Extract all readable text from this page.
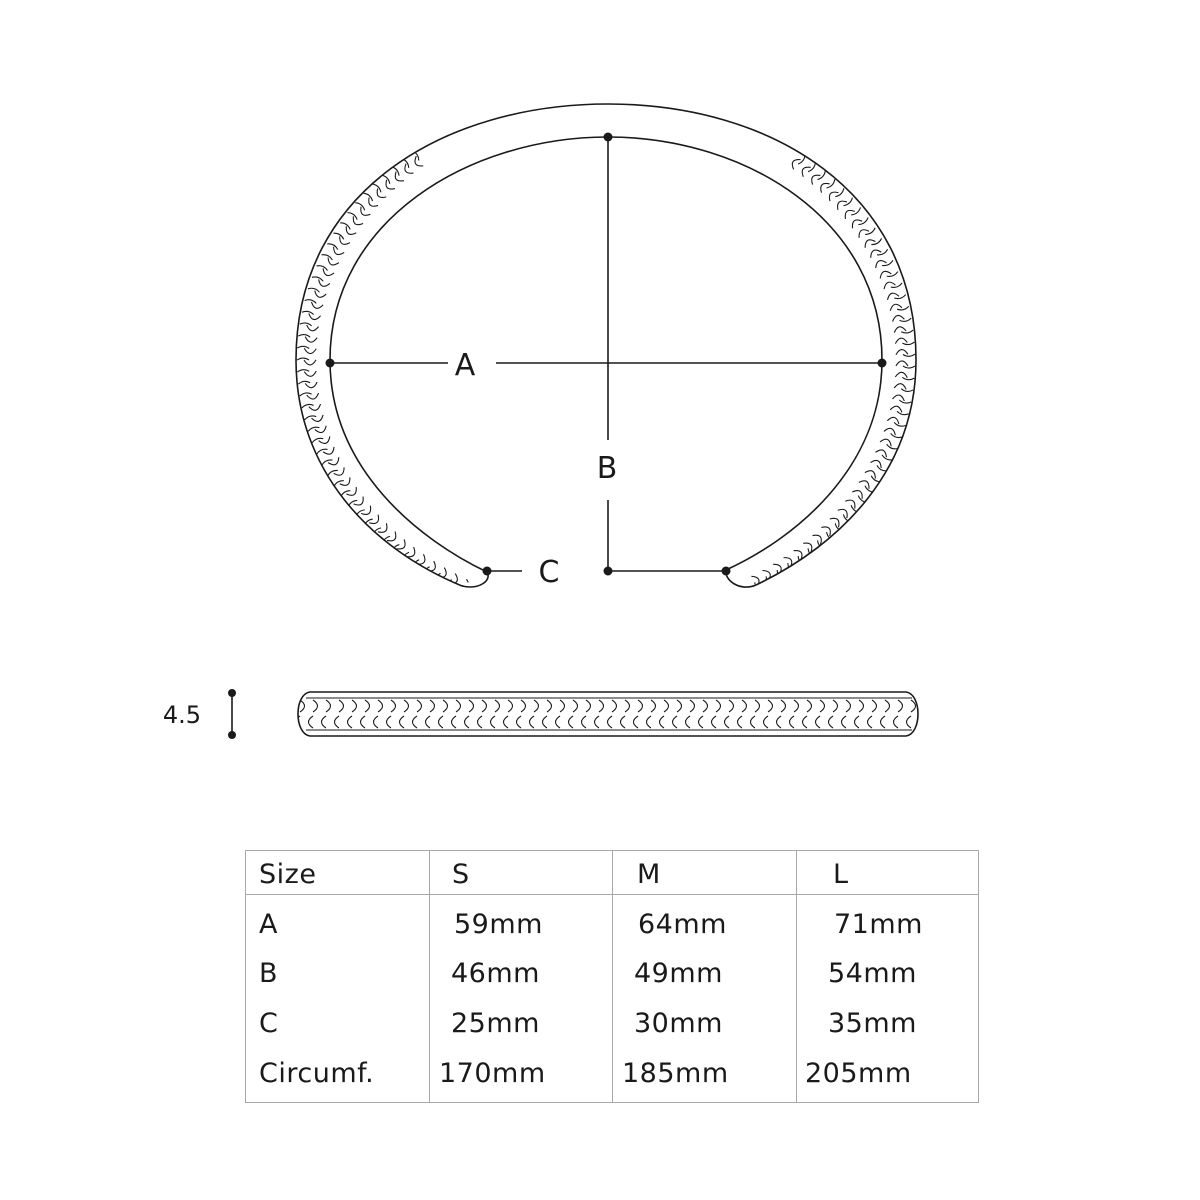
A
B
C
4.5
Size	S	M	L
A	59mm	64mm	71mm
B	46mm	49mm	54mm
C	25mm	30mm	35mm
Circumf. 170mm	185mm	205mm
